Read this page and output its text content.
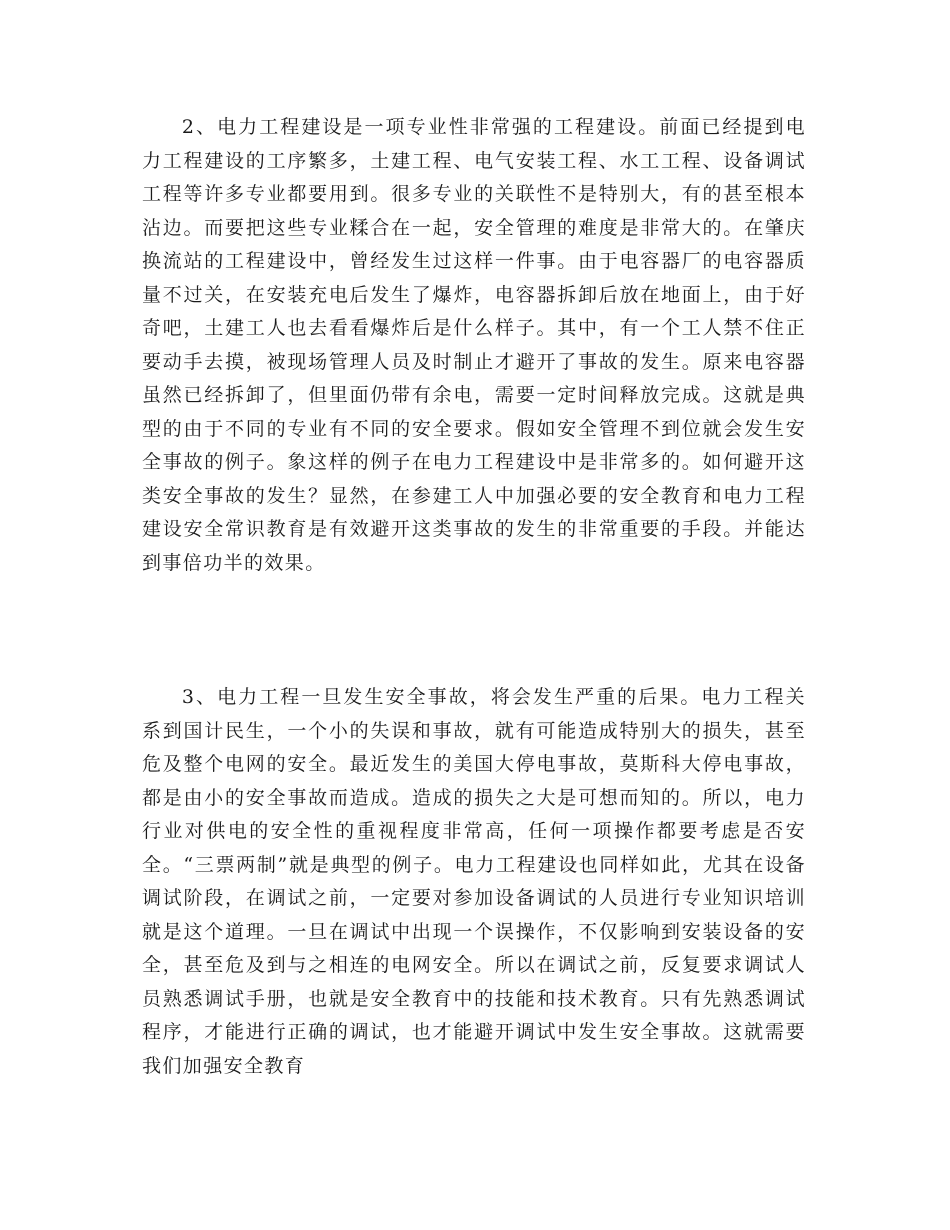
2、电力工程建设是一项专业性非常强的工程建设。前面已经提到电力工程建设的工序繁多，土建工程、电气安装工程、水工工程、设备调试工程等许多专业都要用到。很多专业的关联性不是特别大，有的甚至根本沾边。而要把这些专业糅合在一起，安全管理的难度是非常大的。在肇庆换流站的工程建设中，曾经发生过这样一件事。由于电容器厂的电容器质量不过关，在安装充电后发生了爆炸，电容器拆卸后放在地面上，由于好奇吧，土建工人也去看看爆炸后是什么样子。其中，有一个工人禁不住正要动手去摸，被现场管理人员及时制止才避开了事故的发生。原来电容器虽然已经拆卸了，但里面仍带有余电，需要一定时间释放完成。这就是典型的由于不同的专业有不同的安全要求。假如安全管理不到位就会发生安全事故的例子。象这样的例子在电力工程建设中是非常多的。如何避开这类安全事故的发生？显然，在参建工人中加强必要的安全教育和电力工程建设安全常识教育是有效避开这类事故的发生的非常重要的手段。并能达到事倍功半的效果。

3、电力工程一旦发生安全事故，将会发生严重的后果。电力工程关系到国计民生，一个小的失误和事故，就有可能造成特别大的损失，甚至危及整个电网的安全。最近发生的美国大停电事故，莫斯科大停电事故，都是由小的安全事故而造成。造成的损失之大是可想而知的。所以，电力行业对供电的安全性的重视程度非常高，任何一项操作都要考虑是否安全。“三票两制”就是典型的例子。电力工程建设也同样如此，尤其在设备调试阶段，在调试之前，一定要对参加设备调试的人员进行专业知识培训就是这个道理。一旦在调试中出现一个误操作，不仅影响到安装设备的安全，甚至危及到与之相连的电网安全。所以在调试之前，反复要求调试人员熟悉调试手册，也就是安全教育中的技能和技术教育。只有先熟悉调试程序，才能进行正确的调试，也才能避开调试中发生安全事故。这就需要我们加强安全教育
